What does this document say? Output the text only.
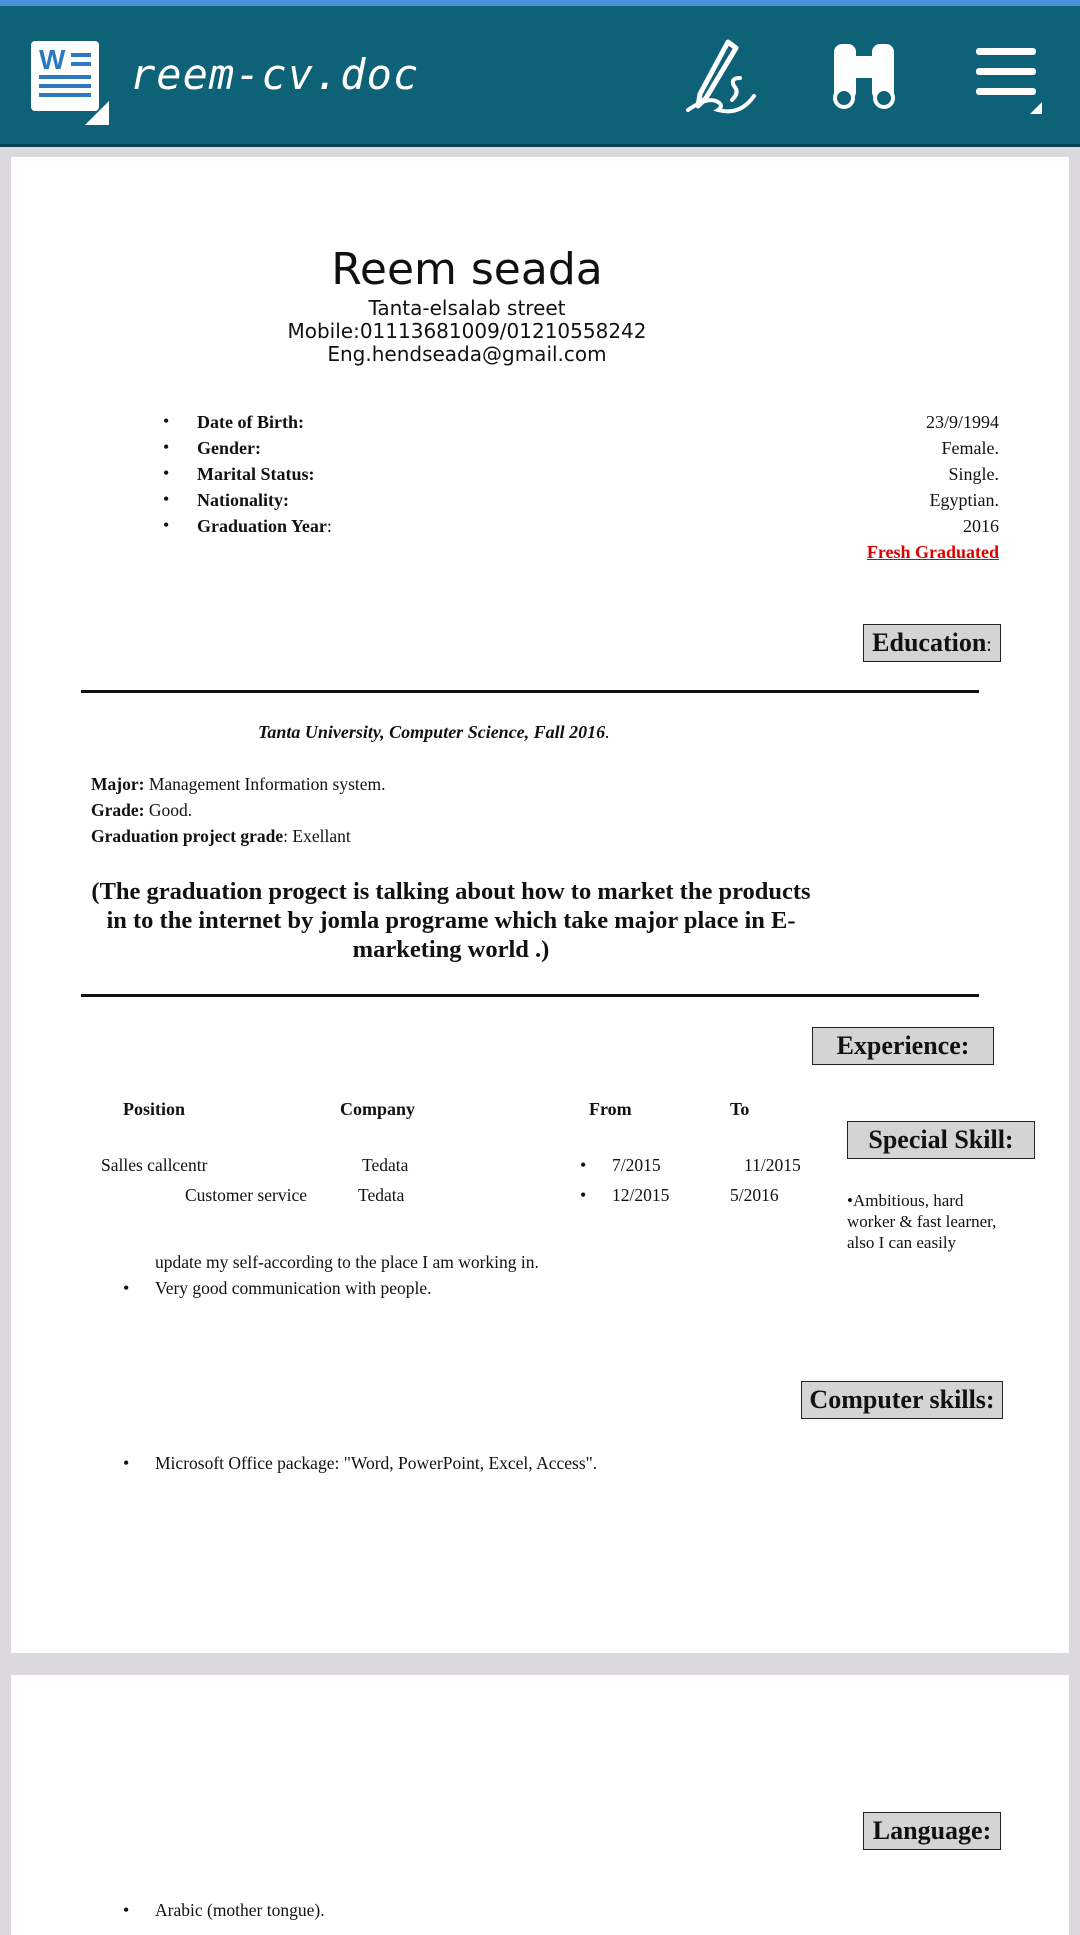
W reem-cv.doc
Reem seada
Tanta-elsalab street
Mobile:01113681009/01210558242
Eng.hendseada@gmail.com
• Date of Birth:	23/9/1994
• Gender:	Female.
• Marital Status:	Single.
• Nationality:	Egyptian.
• Graduation Year:	2016
Fresh Graduated
Education:
Tanta University, Computer Science, Fall 2016.
Major: Management Information system.
Grade: Good.
Graduation project grade: Exellant
(The graduation progect is talking about how to market the products in to the internet by jomla programe which take major place in E-marketing world .)
Experience:
Position	Company	From	To
Salles callcentr	Tedata	• 7/2015	11/2015
Customer service	Tedata	• 12/2015	5/2016
Special Skill:
•Ambitious, hard
worker & fast learner,
also I can easily
update my self-according to the place I am working in.
• Very good communication with people.
Computer skills:
• Microsoft Office package: "Word, PowerPoint, Excel, Access".
Language:
• Arabic (mother tongue).
